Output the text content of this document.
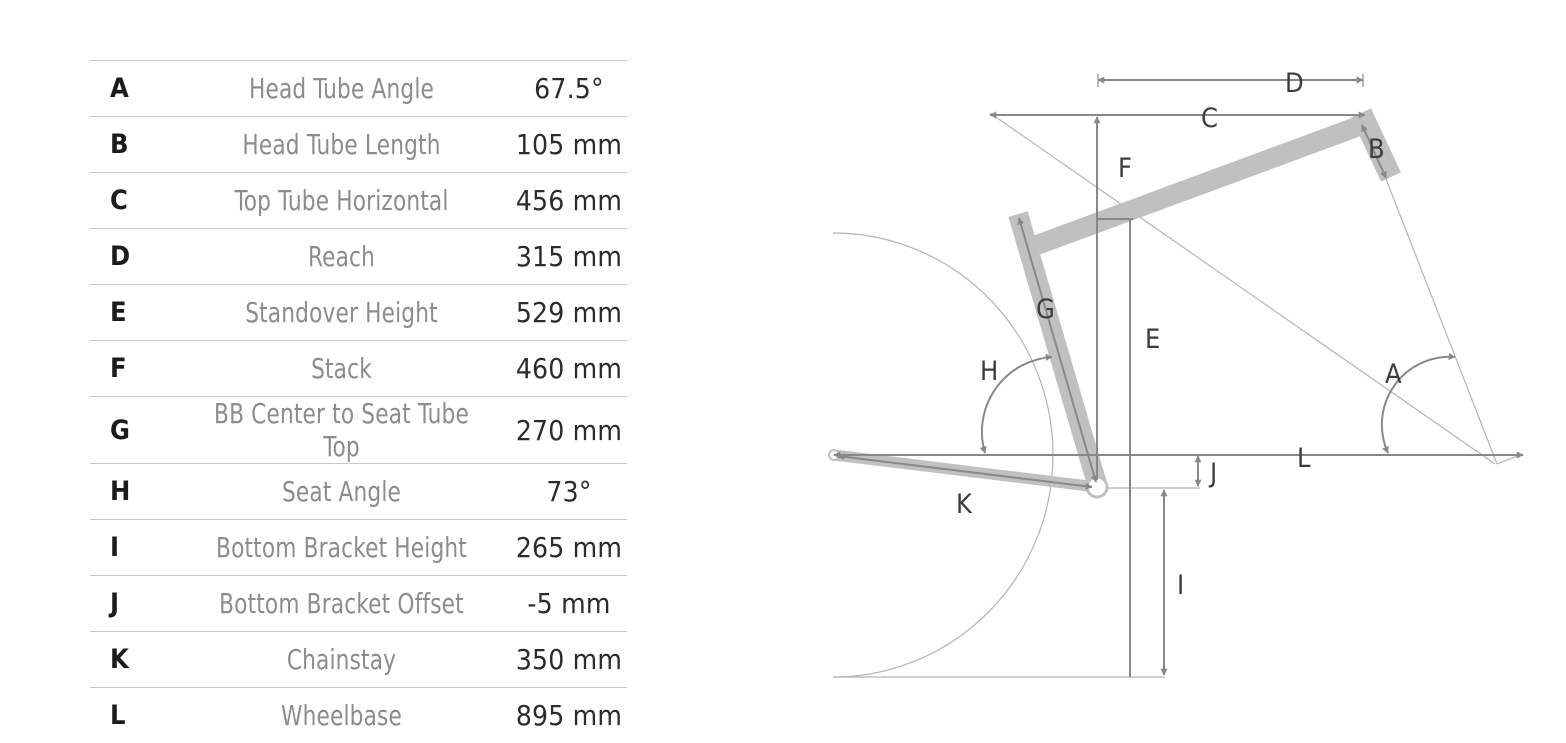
A	Head Tube Angle	67.5°
B	Head Tube Length	105 mm
C	Top Tube Horizontal	456 mm
D	Reach	315 mm
E	Standover Height	529 mm
F	Stack	460 mm
G	BB Center to Seat Tube Top	270 mm
H	Seat Angle	73°
I	Bottom Bracket Height	265 mm
J	Bottom Bracket Offset	-5 mm
K	Chainstay	350 mm
L	Wheelbase	895 mm
D
C
B
F
G
E
H	A
L
J
K
I
